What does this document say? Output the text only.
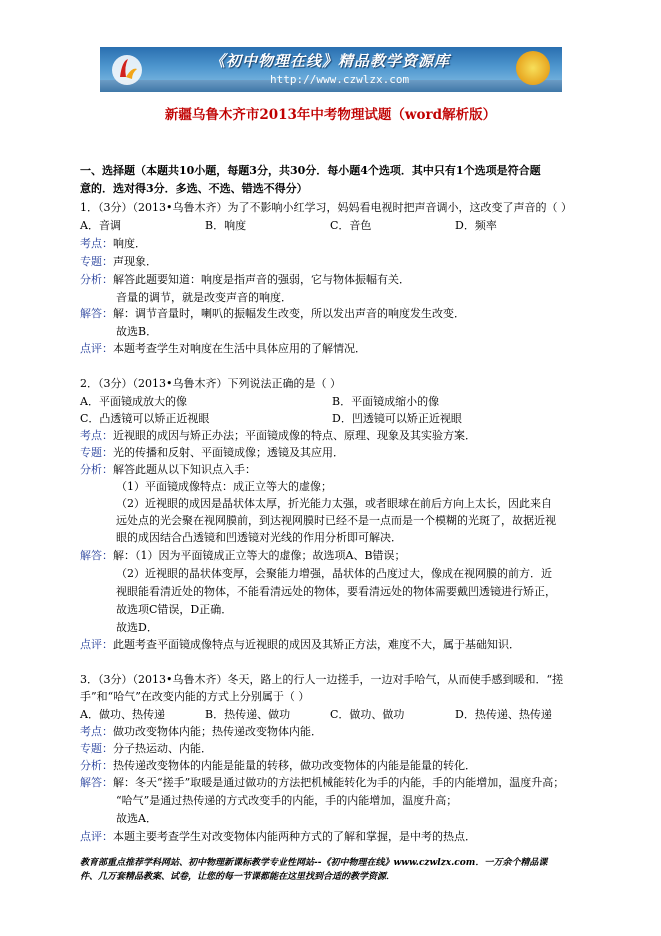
《初中物理在线》精品教学资源库
http://www.czwlzx.com
新疆乌鲁木齐市2013年中考物理试题（word解析版）
一、选择题（本题共10小题，每题3分，共30分．每小题4个选项．其中只有1个选项是符合题
意的．选对得3分．多选、不选、错选不得分）
1．（3分）（2013•乌鲁木齐）为了不影响小红学习，妈妈看电视时把声音调小，这改变了声音的（ ）
A．音调	B．响度	C．音色	D．频率
考点：响度．
专题：声现象．
分析：解答此题要知道：响度是指声音的强弱，它与物体振幅有关．
音量的调节，就是改变声音的响度．
解答：解：调节音量时，喇叭的振幅发生改变，所以发出声音的响度发生改变．
故选B．
点评：本题考查学生对响度在生活中具体应用的了解情况．
2．（3分）（2013•乌鲁木齐）下列说法正确的是（ ）
A．平面镜成放大的像	B．平面镜成缩小的像
C．凸透镜可以矫正近视眼	D．凹透镜可以矫正近视眼
考点：近视眼的成因与矫正办法；平面镜成像的特点、原理、现象及其实验方案．
专题：光的传播和反射、平面镜成像；透镜及其应用．
分析：解答此题从以下知识点入手：
（1）平面镜成像特点：成正立等大的虚像；
（2）近视眼的成因是晶状体太厚，折光能力太强，或者眼球在前后方向上太长，因此来自
远处点的光会聚在视网膜前，到达视网膜时已经不是一点而是一个模糊的光斑了，故据近视
眼的成因结合凸透镜和凹透镜对光线的作用分析即可解决．
解答：解：（1）因为平面镜成正立等大的虚像；故选项A、B错误；
（2）近视眼的晶状体变厚，会聚能力增强，晶状体的凸度过大，像成在视网膜的前方．近
视眼能看清近处的物体，不能看清远处的物体，要看清远处的物体需要戴凹透镜进行矫正，
故选项C错误，D正确．
故选D．
点评：此题考查平面镜成像特点与近视眼的成因及其矫正方法，难度不大，属于基础知识．
3．（3分）（2013•乌鲁木齐）冬天，路上的行人一边搓手，一边对手哈气，从而使手感到暖和．“搓
手”和“哈气”在改变内能的方式上分别属于（ ）
A．做功、热传递	B．热传递、做功	C．做功、做功	D．热传递、热传递
考点：做功改变物体内能；热传递改变物体内能．
专题：分子热运动、内能．
分析：热传递改变物体的内能是能量的转移，做功改变物体的内能是能量的转化．
解答：解：冬天“搓手”取暖是通过做功的方法把机械能转化为手的内能，手的内能增加，温度升高；
“哈气”是通过热传递的方式改变手的内能，手的内能增加，温度升高；
故选A．
点评：本题主要考查学生对改变物体内能两种方式的了解和掌握，是中考的热点．
教育部重点推荐学科网站、初中物理新课标教学专业性网站--《初中物理在线》www.czwlzx.com．一万余个精品课
件、几万套精品教案、试卷，让您的每一节课都能在这里找到合适的教学资源．
